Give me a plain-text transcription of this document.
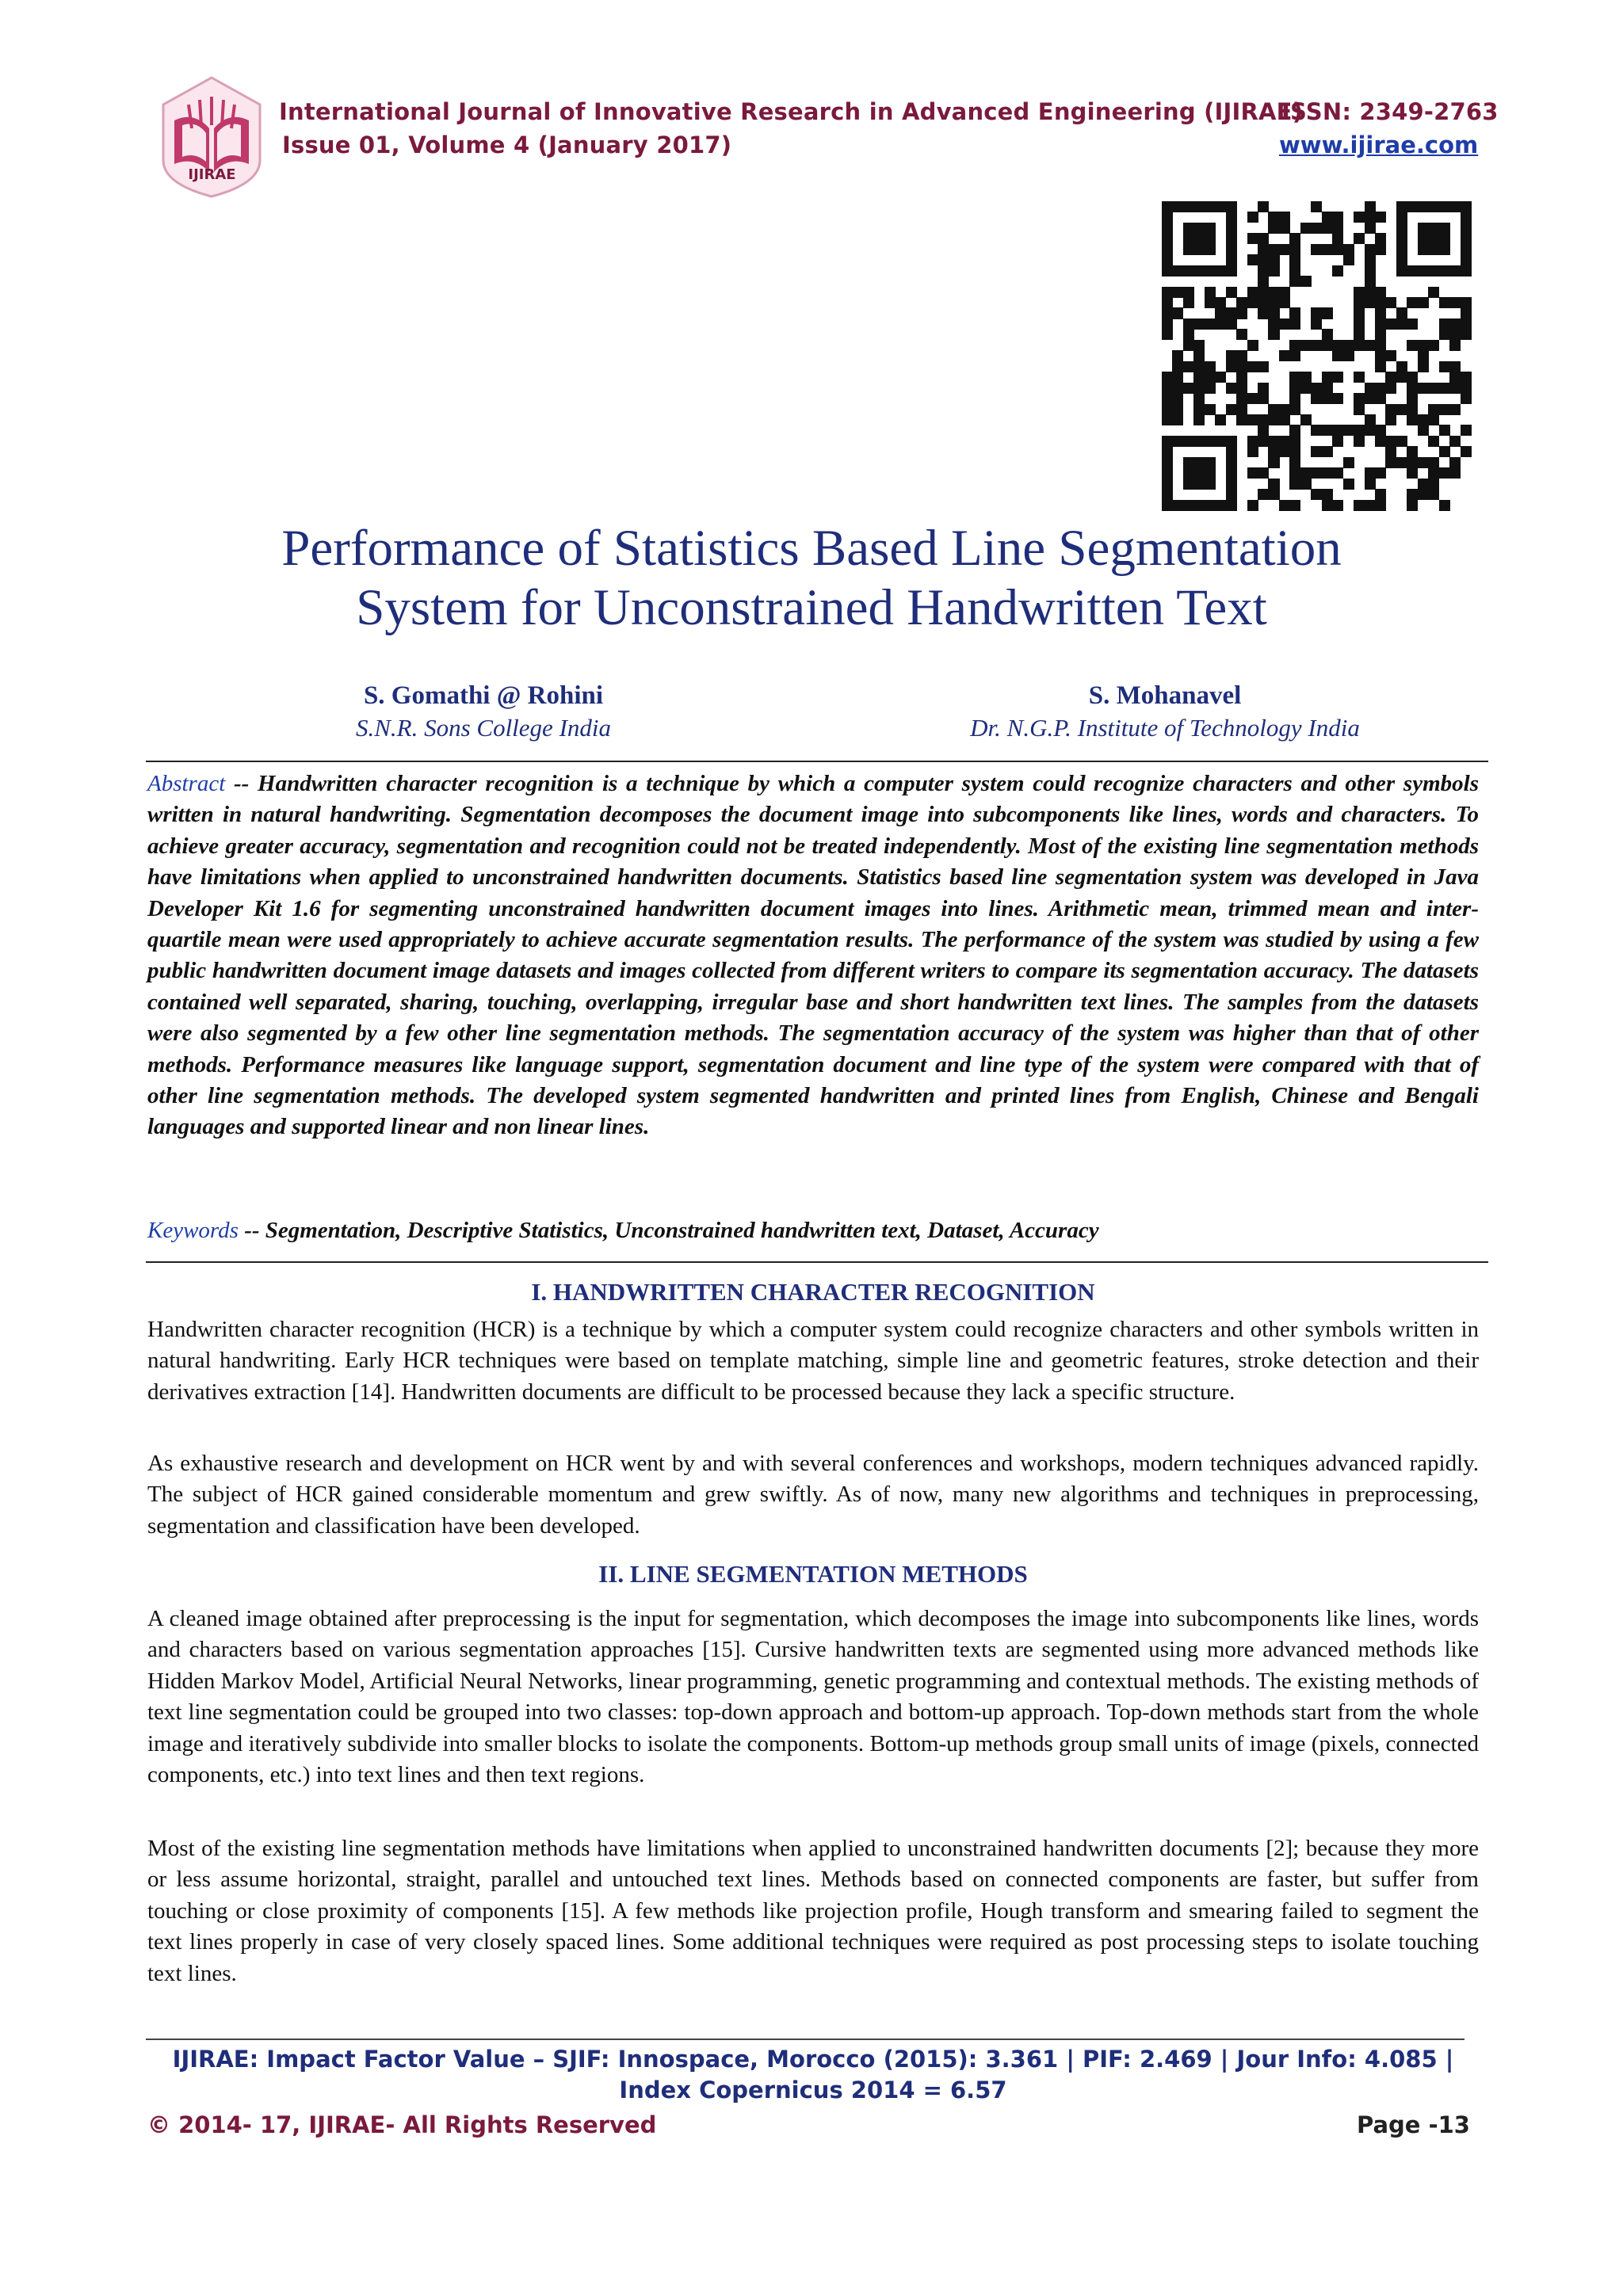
IJIRAE
International Journal of Innovative Research in Advanced Engineering (IJIRAE)
ISSN: 2349-2763
Issue 01, Volume 4 (January 2017)	www.ijirae.com
Performance of Statistics Based Line Segmentation
System for Unconstrained Handwritten Text
S. Gomathi @ Rohini
S.N.R. Sons College India
S. Mohanavel
Dr. N.G.P. Institute of Technology India
Abstract -- Handwritten character recognition is a technique by which a computer system could recognize characters and other symbols written in natural handwriting. Segmentation decomposes the document image into subcomponents like lines, words and characters. To achieve greater accuracy, segmentation and recognition could not be treated independently. Most of the existing line segmentation methods have limitations when applied to unconstrained handwritten documents. Statistics based line segmentation system was developed in Java Developer Kit 1.6 for segmenting unconstrained handwritten document images into lines. Arithmetic mean, trimmed mean and inter-quartile mean were used appropriately to achieve accurate segmentation results. The performance of the system was studied by using a few public handwritten document image datasets and images collected from different writers to compare its segmentation accuracy. The datasets contained well separated, sharing, touching, overlapping, irregular base and short handwritten text lines. The samples from the datasets were also segmented by a few other line segmentation methods. The segmentation accuracy of the system was higher than that of other methods. Performance measures like language support, segmentation document and line type of the system were compared with that of other line segmentation methods. The developed system segmented handwritten and printed lines from English, Chinese and Bengali languages and supported linear and non linear lines.
Keywords -- Segmentation, Descriptive Statistics, Unconstrained handwritten text, Dataset, Accuracy
I. HANDWRITTEN CHARACTER RECOGNITION
Handwritten character recognition (HCR) is a technique by which a computer system could recognize characters and other symbols written in natural handwriting. Early HCR techniques were based on template matching, simple line and geometric features, stroke detection and their derivatives extraction [14]. Handwritten documents are difficult to be processed because they lack a specific structure.
As exhaustive research and development on HCR went by and with several conferences and workshops, modern techniques advanced rapidly. The subject of HCR gained considerable momentum and grew swiftly. As of now, many new algorithms and techniques in preprocessing, segmentation and classification have been developed.
II. LINE SEGMENTATION METHODS
A cleaned image obtained after preprocessing is the input for segmentation, which decomposes the image into subcomponents like lines, words and characters based on various segmentation approaches [15]. Cursive handwritten texts are segmented using more advanced methods like Hidden Markov Model, Artificial Neural Networks, linear programming, genetic programming and contextual methods. The existing methods of text line segmentation could be grouped into two classes: top-down approach and bottom-up approach. Top-down methods start from the whole image and iteratively subdivide into smaller blocks to isolate the components. Bottom-up methods group small units of image (pixels, connected components, etc.) into text lines and then text regions.
Most of the existing line segmentation methods have limitations when applied to unconstrained handwritten documents [2]; because they more or less assume horizontal, straight, parallel and untouched text lines. Methods based on connected components are faster, but suffer from touching or close proximity of components [15]. A few methods like projection profile, Hough transform and smearing failed to segment the text lines properly in case of very closely spaced lines. Some additional techniques were required as post processing steps to isolate touching text lines.
IJIRAE: Impact Factor Value – SJIF: Innospace, Morocco (2015): 3.361 | PIF: 2.469 | Jour Info: 4.085 |
Index Copernicus 2014 = 6.57
© 2014- 17, IJIRAE- All Rights Reserved	Page -13
